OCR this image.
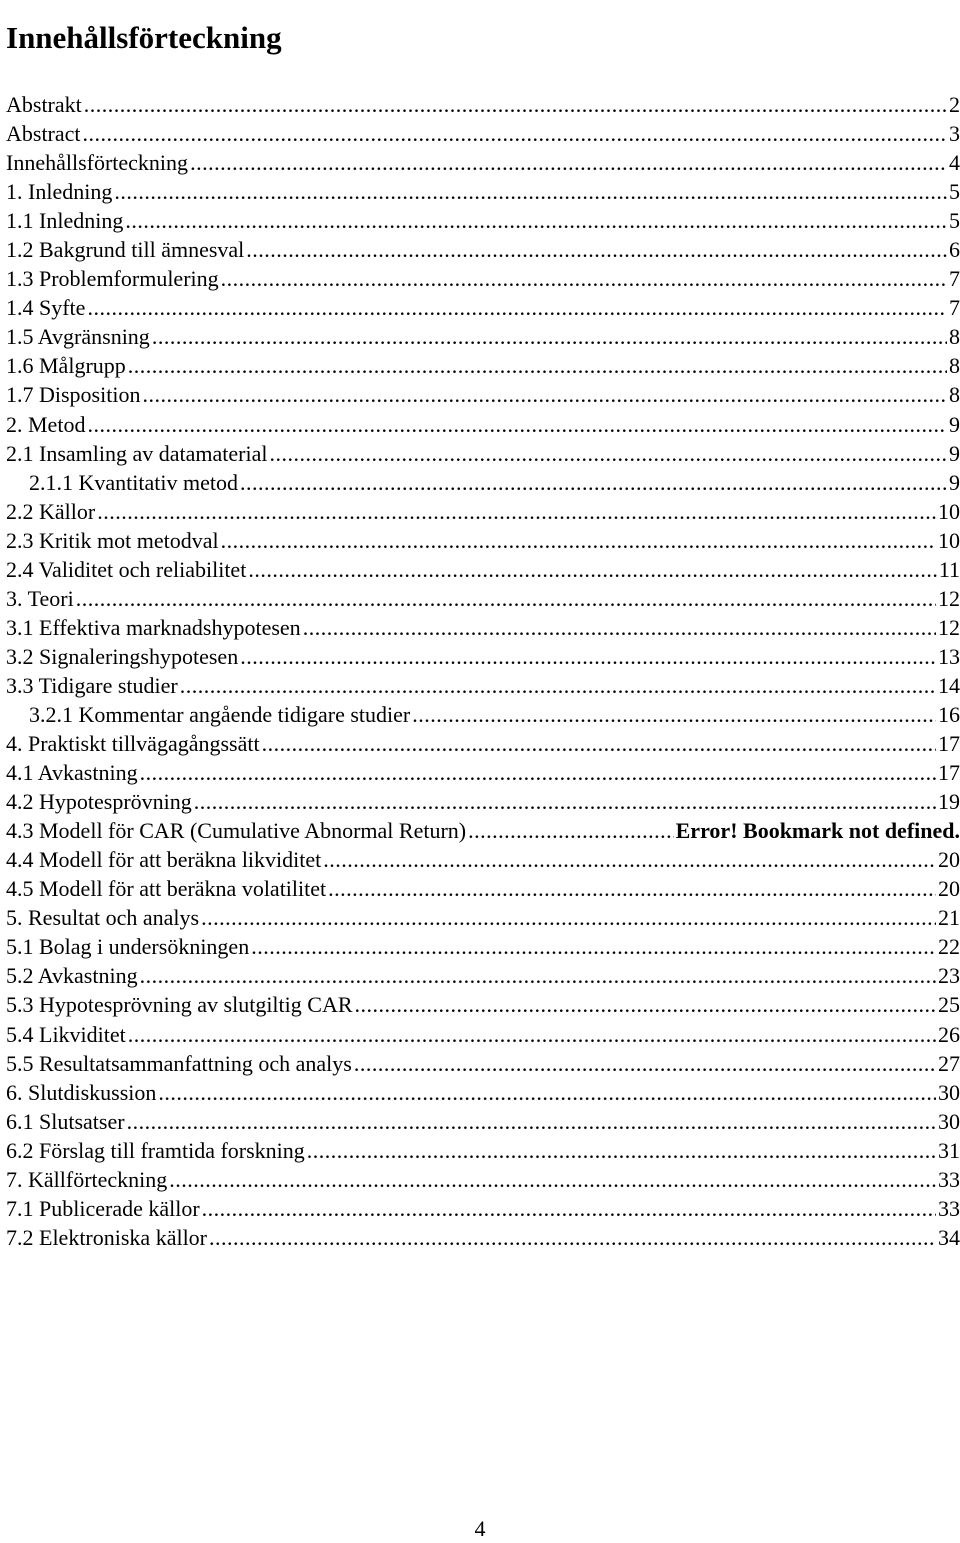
Innehållsförteckning
Abstrakt .....	2
Abstract .....	3
Innehållsförteckning .....	4
1. Inledning .....	5
1.1 Inledning .....	5
1.2 Bakgrund till ämnesval .....	6
1.3 Problemformulering .....	7
1.4 Syfte .....	7
1.5 Avgränsning .....	8
1.6 Målgrupp .....	8
1.7 Disposition .....	8
2. Metod .....	9
2.1 Insamling av datamaterial .....	9
2.1.1 Kvantitativ metod .....	9
2.2 Källor .....	10
2.3 Kritik mot metodval .....	10
2.4 Validitet och reliabilitet .....	11
3. Teori .....	12
3.1 Effektiva marknadshypotesen .....	12
3.2 Signaleringshypotesen .....	13
3.3 Tidigare studier .....	14
3.2.1 Kommentar angående tidigare studier .....	16
4. Praktiskt tillvägagångssätt .....	17
4.1 Avkastning .....	17
4.2 Hypotesprövning .....	19
4.3 Modell för CAR (Cumulative Abnormal Return) .....	Error! Bookmark not defined.
4.4 Modell för att beräkna likviditet .....	20
4.5 Modell för att beräkna volatilitet .....	20
5. Resultat och analys .....	21
5.1 Bolag i undersökningen .....	22
5.2 Avkastning .....	23
5.3 Hypotesprövning av slutgiltig CAR .....	25
5.4 Likviditet .....	26
5.5 Resultatsammanfattning och analys .....	27
6. Slutdiskussion .....	30
6.1 Slutsatser .....	30
6.2 Förslag till framtida forskning .....	31
7. Källförteckning .....	33
7.1 Publicerade källor .....	33
7.2 Elektroniska källor .....	34
4
